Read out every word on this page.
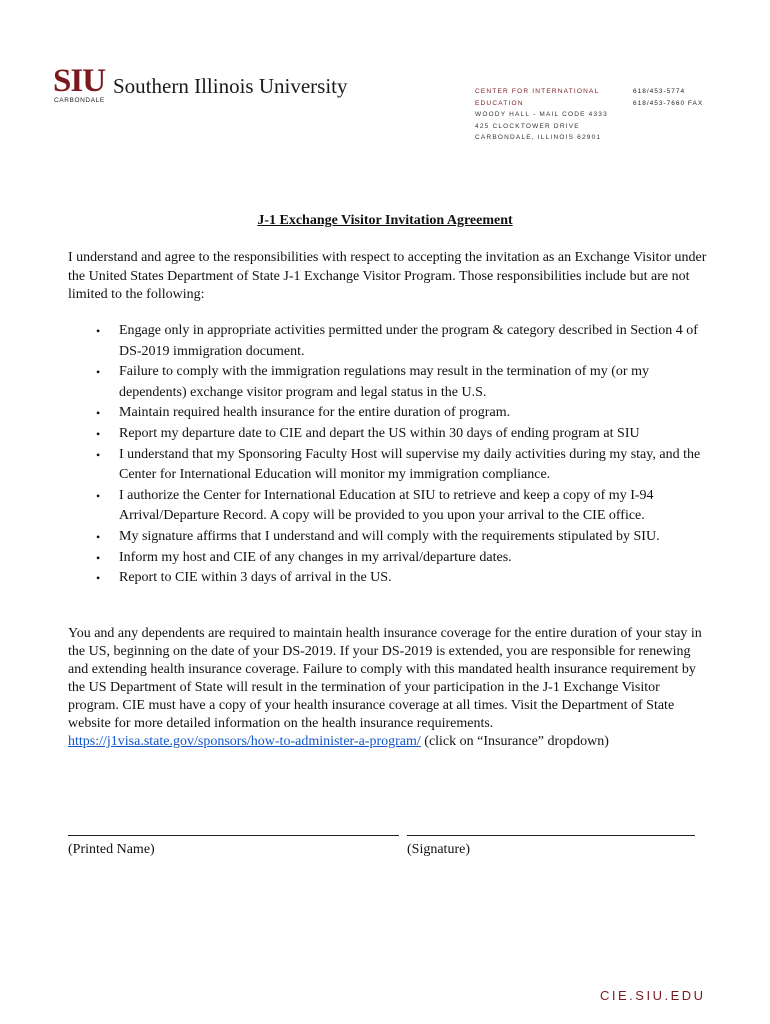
SIU Southern Illinois University
CARBONDALE
CENTER FOR INTERNATIONAL
EDUCATION
WOODY HALL - MAIL CODE 4333
425 CLOCKTOWER DRIVE
CARBONDALE, ILLINOIS 62901
618/453-5774
618/453-7660 FAX
J-1 Exchange Visitor Invitation Agreement
I understand and agree to the responsibilities with respect to accepting the invitation as an Exchange Visitor under the United States Department of State J-1 Exchange Visitor Program. Those responsibilities include but are not limited to the following:
• Engage only in appropriate activities permitted under the program & category described in Section 4 of DS-2019 immigration document.
• Failure to comply with the immigration regulations may result in the termination of my (or my dependents) exchange visitor program and legal status in the U.S.
• Maintain required health insurance for the entire duration of program.
• Report my departure date to CIE and depart the US within 30 days of ending program at SIU
• I understand that my Sponsoring Faculty Host will supervise my daily activities during my stay, and the Center for International Education will monitor my immigration compliance.
• I authorize the Center for International Education at SIU to retrieve and keep a copy of my I-94 Arrival/Departure Record. A copy will be provided to you upon your arrival to the CIE office.
• My signature affirms that I understand and will comply with the requirements stipulated by SIU.
• Inform my host and CIE of any changes in my arrival/departure dates.
• Report to CIE within 3 days of arrival in the US.
You and any dependents are required to maintain health insurance coverage for the entire duration of your stay in the US, beginning on the date of your DS-2019. If your DS-2019 is extended, you are responsible for renewing and extending health insurance coverage. Failure to comply with this mandated health insurance requirement by the US Department of State will result in the termination of your participation in the J-1 Exchange Visitor program. CIE must have a copy of your health insurance coverage at all times. Visit the Department of State website for more detailed information on the health insurance requirements. https://j1visa.state.gov/sponsors/how-to-administer-a-program/ (click on “Insurance” dropdown)
(Printed Name)	(Signature)
CIE.SIU.EDU
